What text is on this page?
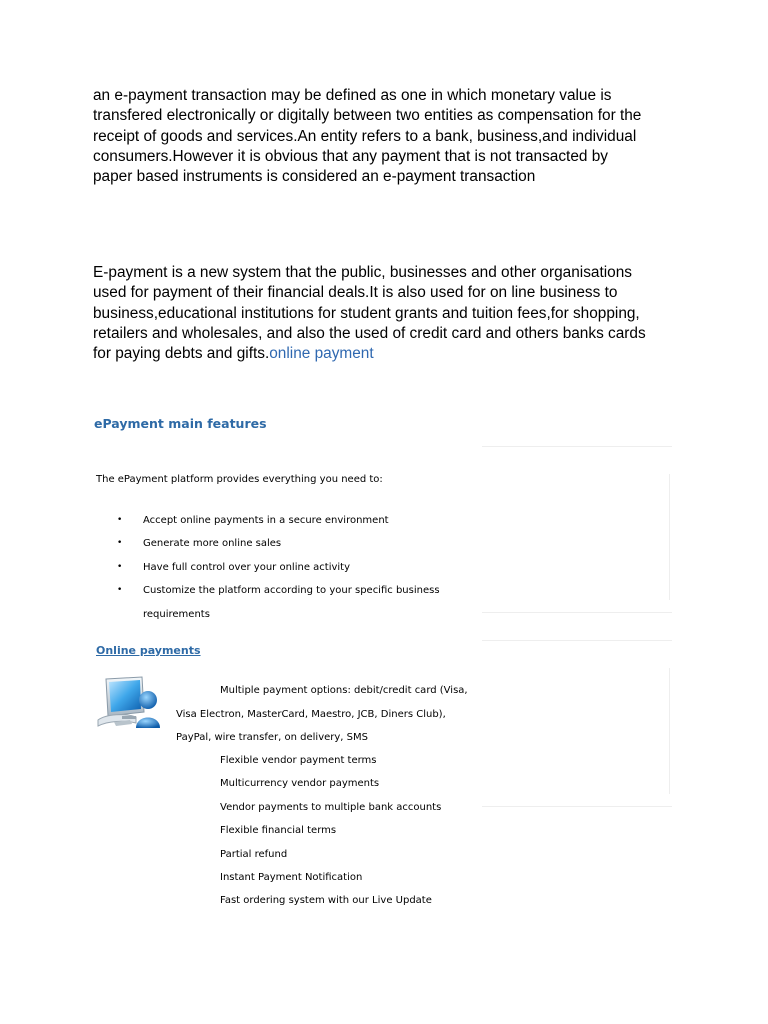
an e-payment transaction may be defined as one in which monetary value is
transfered electronically or digitally between two entities as compensation for the
receipt of goods and services.An entity refers to a bank, business,and individual
consumers.However it is obvious that any payment that is not transacted by
paper based instruments is considered an e-payment transaction

E-payment is a new system that the public, businesses and other organisations
used for payment of their financial deals.It is also used for on line business to
business,educational institutions for student grants and tuition fees,for shopping,
retailers and wholesales, and also the used of credit card and others banks cards
for paying debts and gifts.online payment

ePayment main features
The ePayment platform provides everything you need to:
• Accept online payments in a secure environment
• Generate more online sales
• Have full control over your online activity
• Customize the platform according to your specific business
requirements
Online payments
Multiple payment options: debit/credit card (Visa,
Visa Electron, MasterCard, Maestro, JCB, Diners Club),
PayPal, wire transfer, on delivery, SMS
Flexible vendor payment terms
Multicurrency vendor payments
Vendor payments to multiple bank accounts
Flexible financial terms
Partial refund
Instant Payment Notification
Fast ordering system with our Live Update
